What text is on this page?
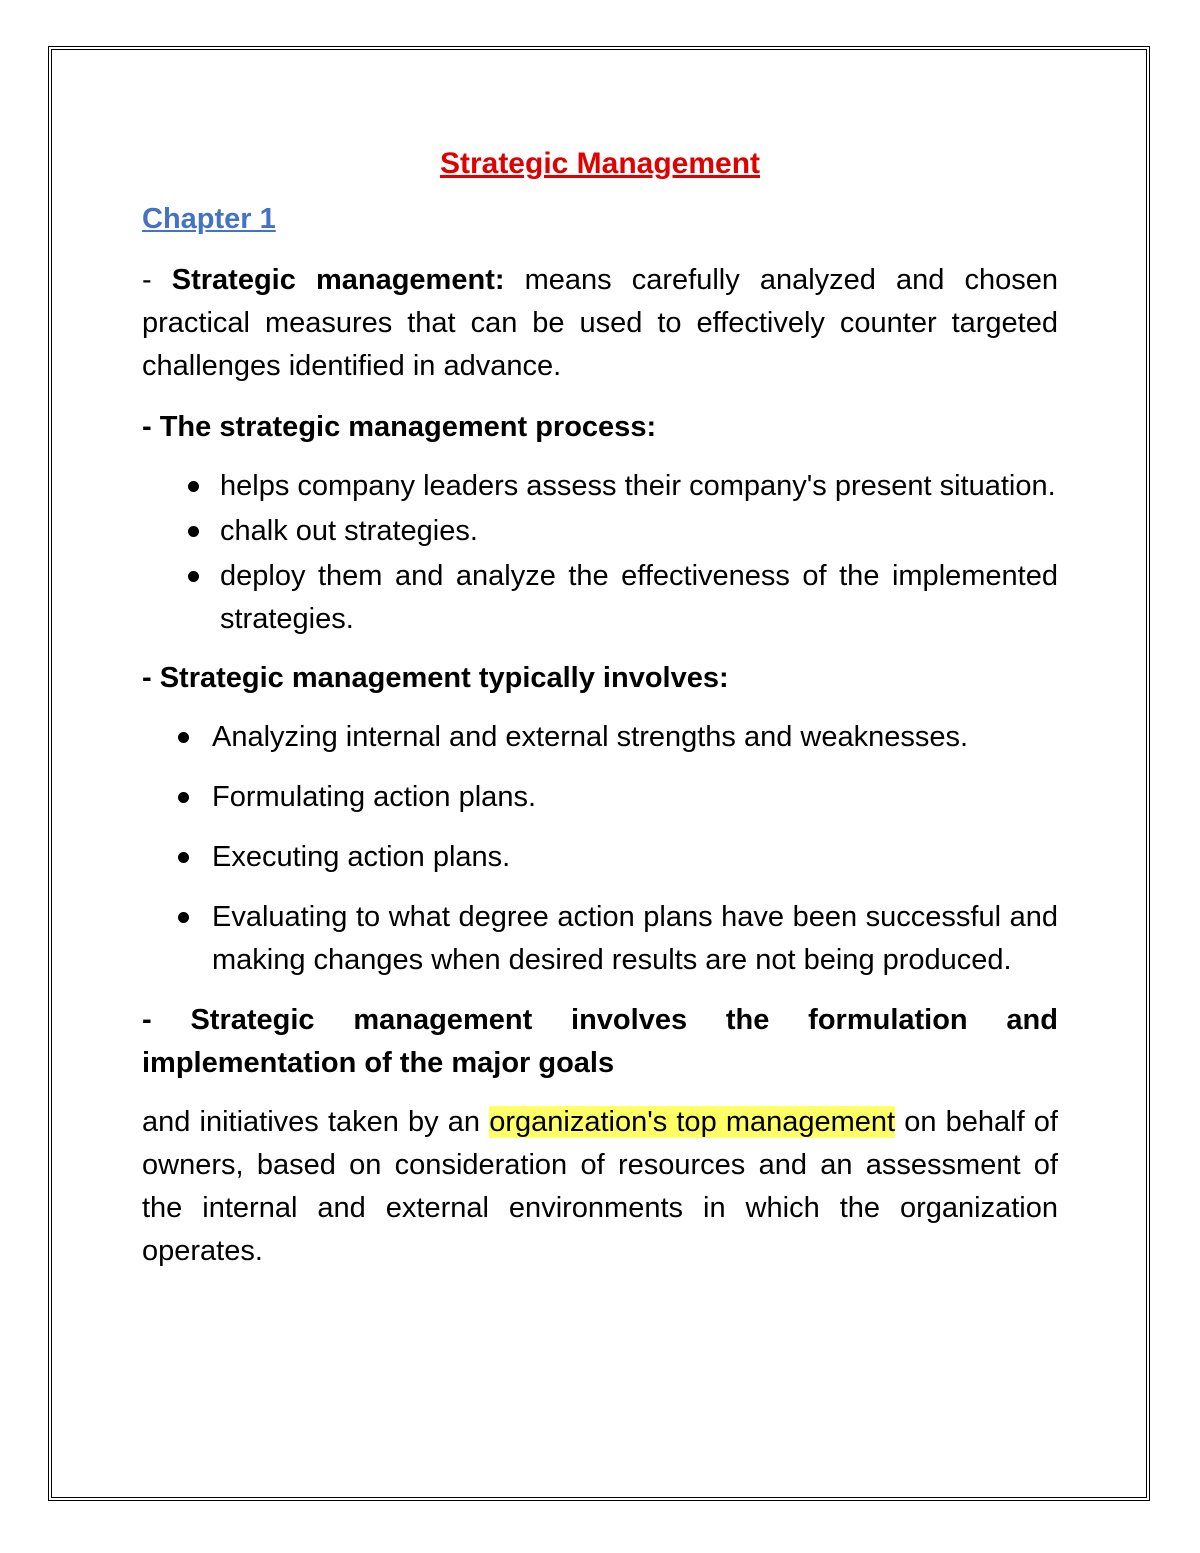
Strategic Management
Chapter 1

- Strategic management: means carefully analyzed and chosen practical measures that can be used to effectively counter targeted challenges identified in advance.

- The strategic management process:

helps company leaders assess their company's present situation.
chalk out strategies.
deploy them and analyze the effectiveness of the implemented strategies.

- Strategic management typically involves:

Analyzing internal and external strengths and weaknesses.
Formulating action plans.
Executing action plans.
Evaluating to what degree action plans have been successful and making changes when desired results are not being produced.

- Strategic management involves the formulation and implementation of the major goals

and initiatives taken by an organization's top management on behalf of owners, based on consideration of resources and an assessment of the internal and external environments in which the organization operates.
